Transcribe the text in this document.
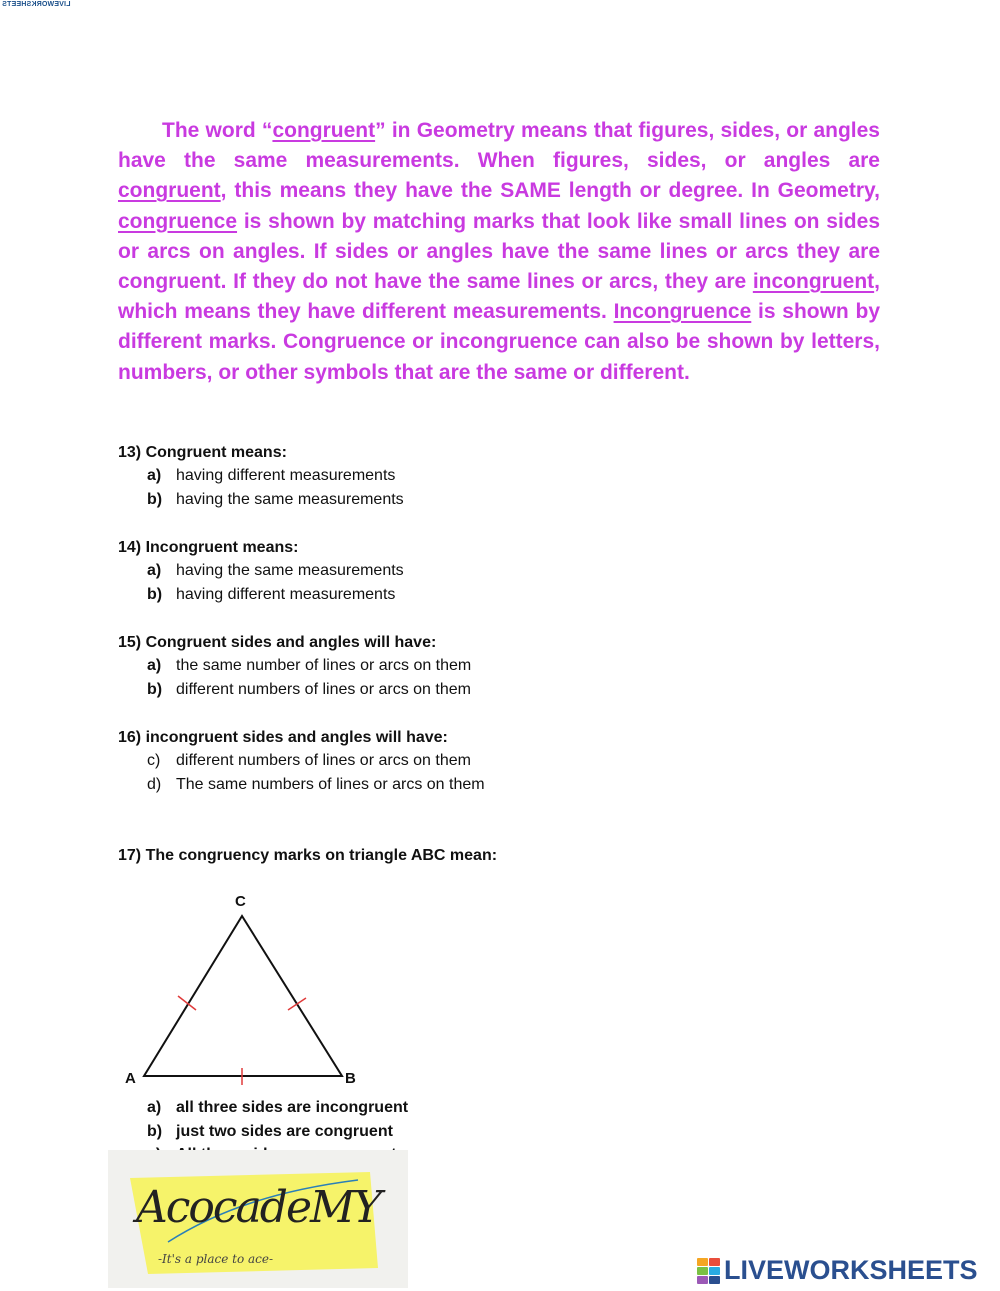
LIVEWORKSHEETS

The word “congruent” in Geometry means that figures, sides, or angles have the same measurements. When figures, sides, or angles are congruent, this means they have the SAME length or degree. In Geometry, congruence is shown by matching marks that look like small lines on sides or arcs on angles. If sides or angles have the same lines or arcs they are congruent. If they do not have the same lines or arcs, they are incongruent, which means they have different measurements. Incongruence is shown by different marks. Congruence or incongruence can also be shown by letters, numbers, or other symbols that are the same or different.

13) Congruent means:

a) having different measurements
b) having the same measurements

14) Incongruent means:

a) having the same measurements
b) having different measurements

15) Congruent sides and angles will have:

a) the same number of lines or arcs on them
b) different numbers of lines or arcs on them

16) incongruent sides and angles will have:

c) different numbers of lines or arcs on them
d) The same numbers of lines or arcs on them

17) The congruency marks on triangle ABC mean:

C
A	B
a) all three sides are incongruent
b) just two sides are congruent
AcocadeMY
-It's a place to ace-	LIVEWORKSHEETS
